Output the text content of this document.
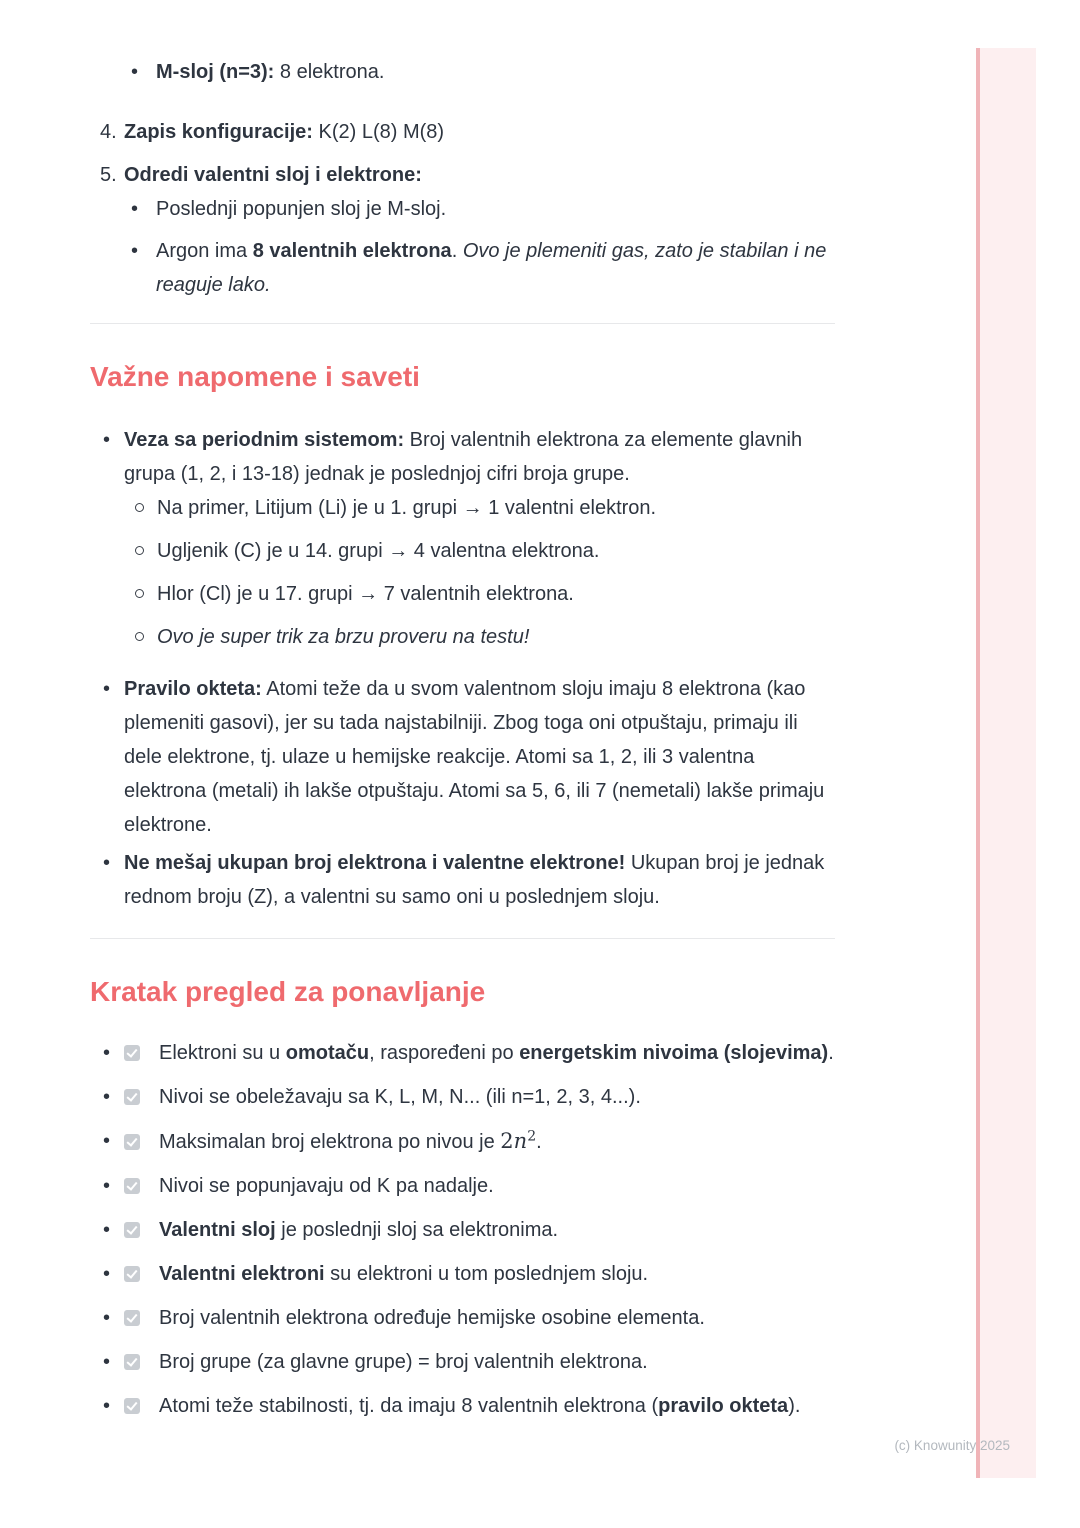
• M-sloj (n=3): 8 elektrona.
4. Zapis konfiguracije: K(2) L(8) M(8)
5. Odredi valentni sloj i elektrone:
• Poslednji popunjen sloj je M-sloj.
• Argon ima 8 valentnih elektrona. Ovo je plemeniti gas, zato je stabilan i ne reaguje lako.
Važne napomene i saveti
• Veza sa periodnim sistemom: Broj valentnih elektrona za elemente glavnih grupa (1, 2, i 13-18) jednak je poslednjoj cifri broja grupe.
Na primer, Litijum (Li) je u 1. grupi → 1 valentni elektron.
Ugljenik (C) je u 14. grupi → 4 valentna elektrona.
Hlor (Cl) je u 17. grupi → 7 valentnih elektrona.
Ovo je super trik za brzu proveru na testu!
• Pravilo okteta: Atomi teže da u svom valentnom sloju imaju 8 elektrona (kao plemeniti gasovi), jer su tada najstabilniji. Zbog toga oni otpuštaju, primaju ili dele elektrone, tj. ulaze u hemijske reakcije. Atomi sa 1, 2, ili 3 valentna elektrona (metali) ih lakše otpuštaju. Atomi sa 5, 6, ili 7 (nemetali) lakše primaju elektrone.
• Ne mešaj ukupan broj elektrona i valentne elektrone! Ukupan broj je jednak rednom broju (Z), a valentni su samo oni u poslednjem sloju.
Kratak pregled za ponavljanje
• Elektroni su u omotaču, raspoređeni po energetskim nivoima (slojevima).
• Nivoi se obeležavaju sa K, L, M, N... (ili n=1, 2, 3, 4...).
• Maksimalan broj elektrona po nivou je $2n^2$.
• Nivoi se popunjavaju od K pa nadalje.
• Valentni sloj je poslednji sloj sa elektronima.
• Valentni elektroni su elektroni u tom poslednjem sloju.
• Broj valentnih elektrona određuje hemijske osobine elementa.
• Broj grupe (za glavne grupe) = broj valentnih elektrona.
• Atomi teže stabilnosti, tj. da imaju 8 valentnih elektrona (pravilo okteta).
(c) Knowunity 2025
